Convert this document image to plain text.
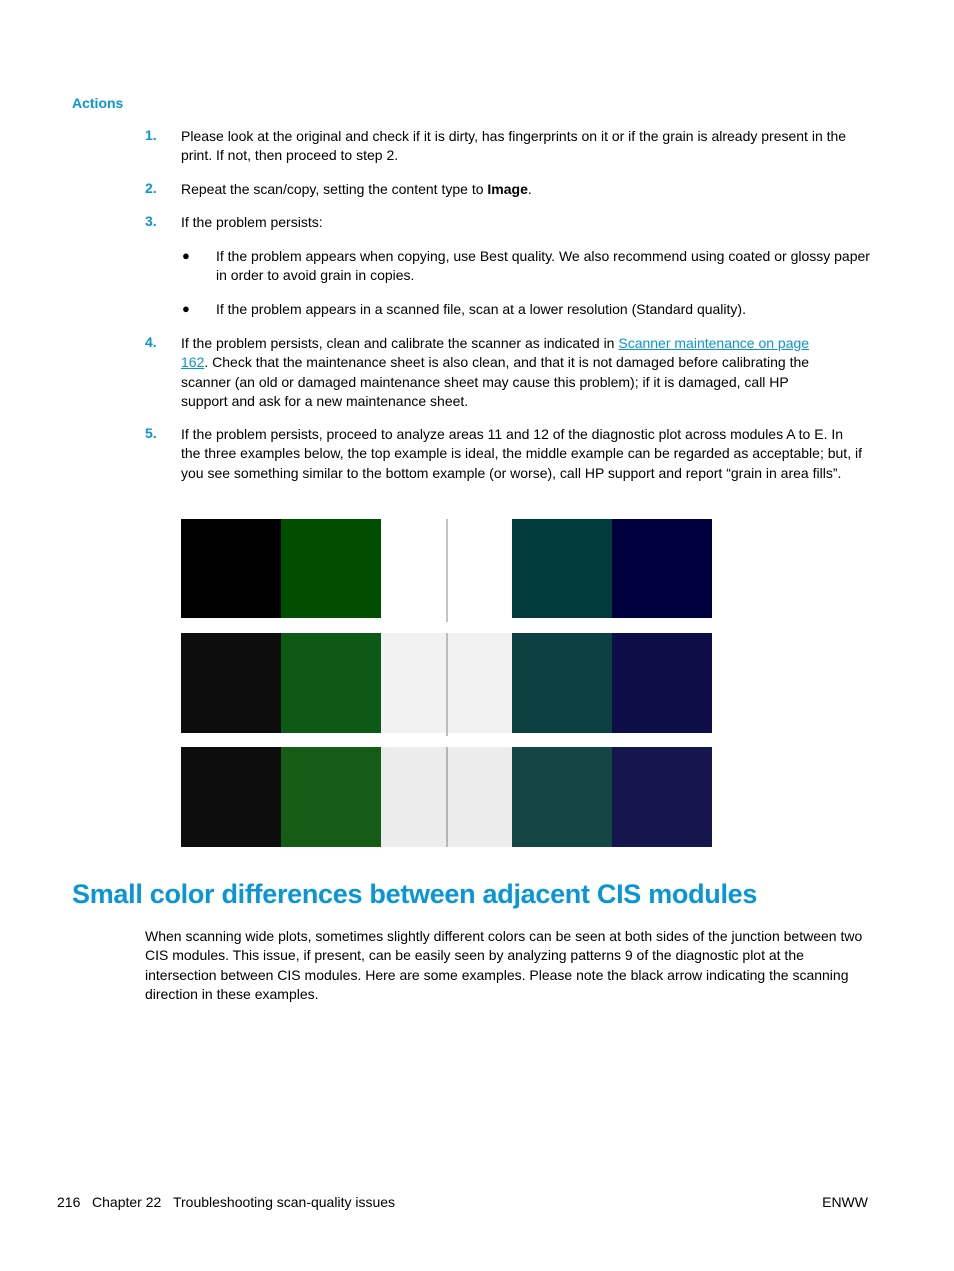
Actions
1. Please look at the original and check if it is dirty, has fingerprints on it or if the grain is already present in the print. If not, then proceed to step 2.
2. Repeat the scan/copy, setting the content type to Image.
3. If the problem persists:
● If the problem appears when copying, use Best quality. We also recommend using coated or glossy paper in order to avoid grain in copies.
● If the problem appears in a scanned file, scan at a lower resolution (Standard quality).
4. If the problem persists, clean and calibrate the scanner as indicated in Scanner maintenance on page 162. Check that the maintenance sheet is also clean, and that it is not damaged before calibrating the scanner (an old or damaged maintenance sheet may cause this problem); if it is damaged, call HP support and ask for a new maintenance sheet.
5. If the problem persists, proceed to analyze areas 11 and 12 of the diagnostic plot across modules A to E. In the three examples below, the top example is ideal, the middle example can be regarded as acceptable; but, if you see something similar to the bottom example (or worse), call HP support and report “grain in area fills”.
Small color differences between adjacent CIS modules
When scanning wide plots, sometimes slightly different colors can be seen at both sides of the junction between two CIS modules. This issue, if present, can be easily seen by analyzing patterns 9 of the diagnostic plot at the intersection between CIS modules. Here are some examples. Please note the black arrow indicating the scanning direction in these examples.
216 Chapter 22 Troubleshooting scan-quality issues	ENWW
